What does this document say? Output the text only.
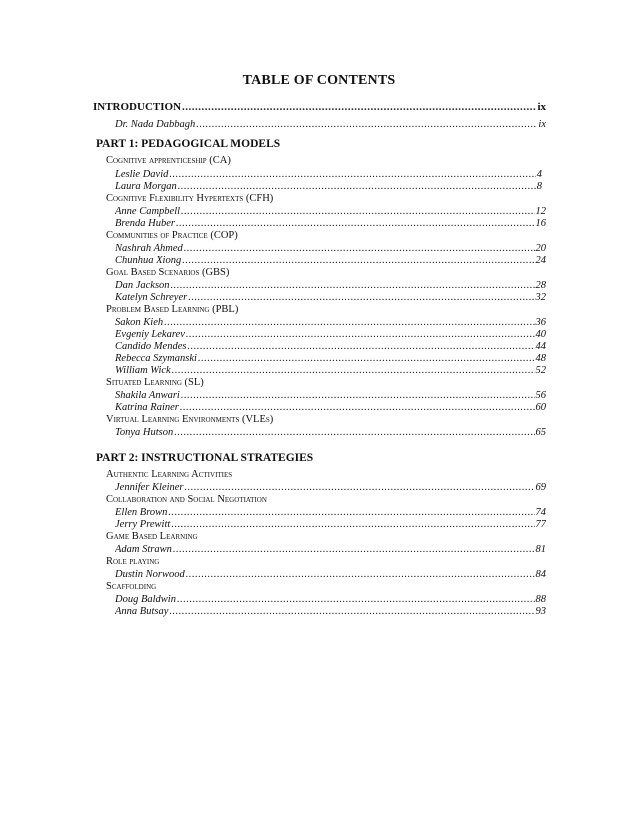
TABLE OF CONTENTS
INTRODUCTION .....	ix
Dr. Nada Dabbagh .....	ix
PART 1: PEDAGOGICAL MODELS
Cognitive apprenticeship (CA)
Leslie David .....	4
Laura Morgan .....	8
Cognitive Flexibility Hypertexts (CFH)
Anne Campbell .....	12
Brenda Huber .....	16
Communities of Practice (COP)
Nashrah Ahmed .....	20
Chunhua Xiong .....	24
Goal Based Scenarios (GBS)
Dan Jackson .....	28
Katelyn Schreyer .....	32
Problem Based Learning (PBL)
Sakon Kieh .....	36
Evgeniy Lekarev .....	40
Candido Mendes .....	44
Rebecca Szymanski .....	48
William Wick .....	52
Situated Learning (SL)
Shakila Anwari .....	56
Katrina Rainer .....	60
Virtual Learning Environments (VLEs)
Tonya Hutson .....	65
PART 2: INSTRUCTIONAL STRATEGIES
Authentic Learning Activities
Jennifer Kleiner .....	69
Collaboration and Social Negotiation
Ellen Brown .....	74
Jerry Prewitt .....	77
Game Based Learning
Adam Strawn .....	81
Role playing
Dustin Norwood .....	84
Scaffolding
Doug Baldwin .....	88
Anna Butsay .....	93
